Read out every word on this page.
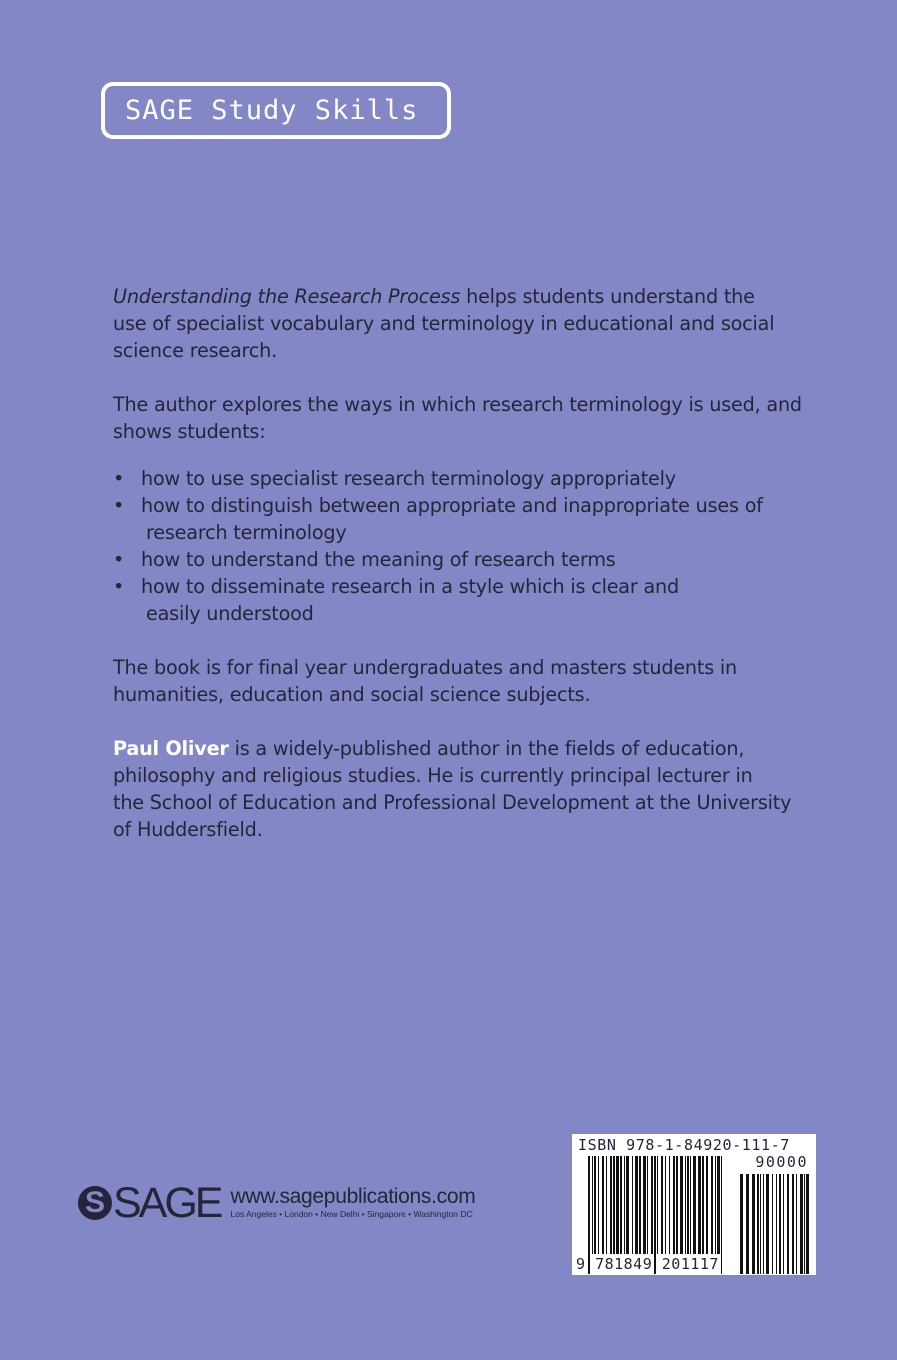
SAGE Study Skills
Understanding the Research Process helps students understand the
use of specialist vocabulary and terminology in educational and social
science research.
The author explores the ways in which research terminology is used, and
shows students:
• how to use specialist research terminology appropriately
• how to distinguish between appropriate and inappropriate uses of
research terminology
• how to understand the meaning of research terms
• how to disseminate research in a style which is clear and
easily understood
The book is for final year undergraduates and masters students in
humanities, education and social science subjects.
Paul Oliver is a widely-published author in the fields of education,
philosophy and religious studies. He is currently principal lecturer in
the School of Education and Professional Development at the University
of Huddersfield.
S SAGE www.sagepublications.com
Los Angeles • London • New Delhi • Singapore • Washington DC
ISBN 978-1-84920-111-7
90000
9 781849 201117
